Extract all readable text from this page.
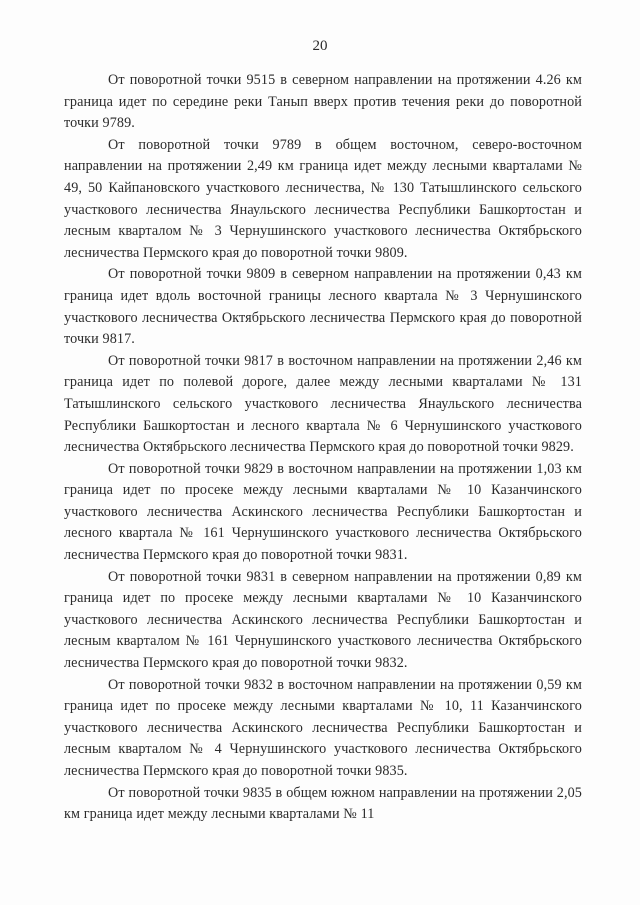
20

От поворотной точки 9515 в северном направлении на протяжении 4.26 км граница идет по середине реки Танып вверх против течения реки до поворотной точки 9789.

От поворотной точки 9789 в общем восточном, северо-восточном направлении на протяжении 2,49 км граница идет между лесными кварталами № 49, 50 Кайпановского участкового лесничества, № 130 Татышлинского сельского участкового лесничества Янаульского лесничества Республики Башкортостан и лесным кварталом № 3 Чернушинского участкового лесничества Октябрьского лесничества Пермского края до поворотной точки 9809.

От поворотной точки 9809 в северном направлении на протяжении 0,43 км граница идет вдоль восточной границы лесного квартала № 3 Чернушинского участкового лесничества Октябрьского лесничества Пермского края до поворотной точки 9817.

От поворотной точки 9817 в восточном направлении на протяжении 2,46 км граница идет по полевой дороге, далее между лесными кварталами № 131 Татышлинского сельского участкового лесничества Янаульского лесничества Республики Башкортостан и лесного квартала № 6 Чернушинского участкового лесничества Октябрьского лесничества Пермского края до поворотной точки 9829.

От поворотной точки 9829 в восточном направлении на протяжении 1,03 км граница идет по просеке между лесными кварталами № 10 Казанчинского участкового лесничества Аскинского лесничества Республики Башкортостан и лесного квартала № 161 Чернушинского участкового лесничества Октябрьского лесничества Пермского края до поворотной точки 9831.

От поворотной точки 9831 в северном направлении на протяжении 0,89 км граница идет по просеке между лесными кварталами № 10 Казанчинского участкового лесничества Аскинского лесничества Республики Башкортостан и лесным кварталом № 161 Чернушинского участкового лесничества Октябрьского лесничества Пермского края до поворотной точки 9832.

От поворотной точки 9832 в восточном направлении на протяжении 0,59 км граница идет по просеке между лесными кварталами № 10, 11 Казанчинского участкового лесничества Аскинского лесничества Республики Башкортостан и лесным кварталом № 4 Чернушинского участкового лесничества Октябрьского лесничества Пермского края до поворотной точки 9835.

От поворотной точки 9835 в общем южном направлении на протяжении 2,05 км граница идет между лесными кварталами № 11
